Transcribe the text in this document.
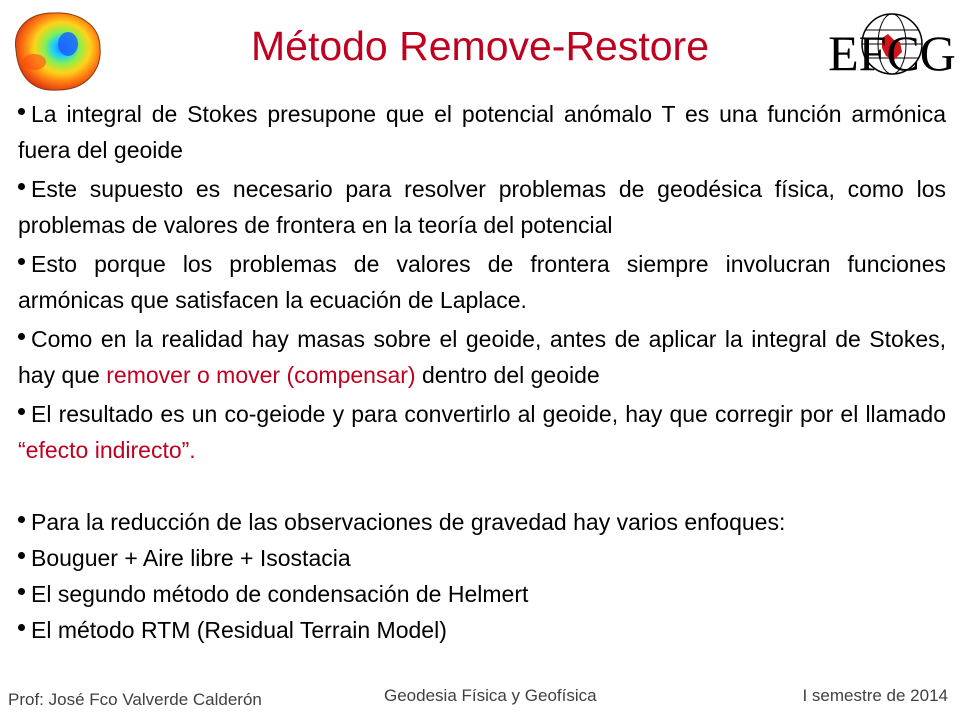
Método Remove-Restore	EFCG
La integral de Stokes presupone que el potencial anómalo T es una función armónica fuera del geoide
Este supuesto es necesario para resolver problemas de geodésica física, como los problemas de valores de frontera en la teoría del potencial
Esto porque los problemas de valores de frontera siempre involucran funciones armónicas que satisfacen la ecuación de Laplace.
Como en la realidad hay masas sobre el geoide, antes de aplicar la integral de Stokes, hay que remover o mover (compensar) dentro del geoide
El resultado es un co-geiode y para convertirlo al geoide, hay que corregir por el llamado “efecto indirecto”.
Para la reducción de las observaciones de gravedad hay varios enfoques:
Bouguer + Aire libre + Isostacia
El segundo método de condensación de Helmert
El método RTM (Residual Terrain Model)
Prof: José Fco Valverde Calderón	Geodesia Física y Geofísica	I semestre de 2014
